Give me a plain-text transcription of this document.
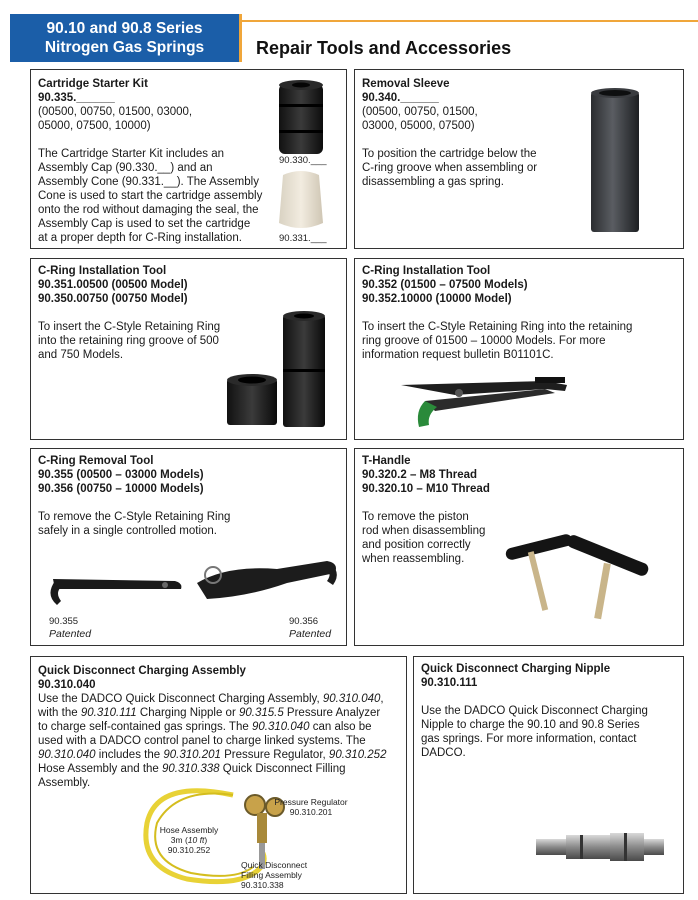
90.10 and 90.8 Series
Nitrogen Gas Springs	Repair Tools and Accessories

Cartridge Starter Kit

90.335.______

(00500, 00750, 01500, 03000,

05000, 07500, 10000)

The Cartridge Starter Kit includes an

Assembly Cap (90.330.__) and an

Assembly Cone (90.331.__). The Assembly

Cone is used to start the cartridge assembly

onto the rod without damaging the seal, the

Assembly Cap is used to set the cartridge

at a proper depth for C-Ring installation.

90.330.___
90.331.___

Removal Sleeve

90.340.______

(00500, 00750, 01500,

03000, 05000, 07500)

To position the cartridge below the

C-ring groove when assembling or

disassembling a gas spring.

C-Ring Installation Tool

90.351.00500 (00500 Model)

90.350.00750 (00750 Model)

To insert the C-Style Retaining Ring

into the retaining ring groove of 500

and 750 Models.

C-Ring Installation Tool

90.352 (01500 – 07500 Models)

90.352.10000 (10000 Model)

To insert the C-Style Retaining Ring into the retaining

ring groove of 01500 – 10000 Models. For more

information request bulletin B01101C.

C-Ring Removal Tool

90.355 (00500 – 03000 Models)

90.356 (00750 – 10000 Models)

To remove the C-Style Retaining Ring

safely in a single controlled motion.

90.355
Patented
90.356
Patented

T-Handle

90.320.2 – M8 Thread

90.320.10 – M10 Thread

To remove the piston

rod when disassembling

and position correctly

when reassembling.

Quick Disconnect Charging Assembly

90.310.040

Use the DADCO Quick Disconnect Charging Assembly, 90.310.040,

with the 90.310.111 Charging Nipple or 90.315.5 Pressure Analyzer

to charge self-contained gas springs. The 90.310.040 can also be

used with a DADCO control panel to charge linked systems. The

90.310.040 includes the 90.310.201 Pressure Regulator, 90.310.252

Hose Assembly and the 90.310.338 Quick Disconnect Filling

Assembly.

Pressure Regulator
90.310.201
Hose Assembly
3m (10 ft)
90.310.252
Quick Disconnect
Filling Assembly
90.310.338

Quick Disconnect Charging Nipple

90.310.111

Use the DADCO Quick Disconnect Charging

Nipple to charge the 90.10 and 90.8 Series

gas springs. For more information, contact

DADCO.
